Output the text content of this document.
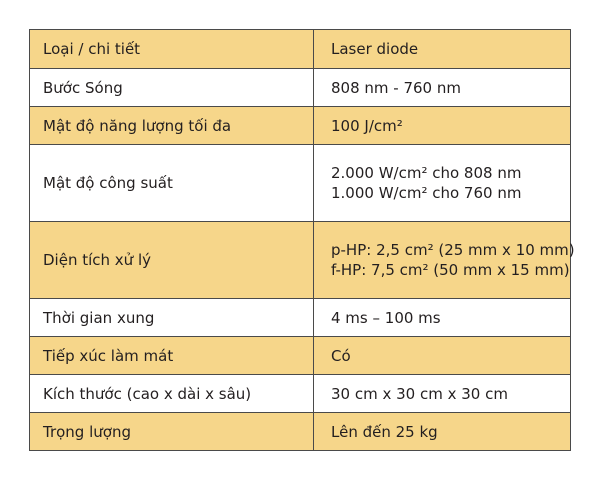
Loại / chi tiết	Laser diode

Bước Sóng	808 nm - 760 nm

Mật độ năng lượng tối đa	100 J/cm²

Mật độ công suất	2.000 W/cm² cho 808 nm
1.000 W/cm² cho 760 nm

Diện tích xử lý	p-HP: 2,5 cm² (25 mm x 10 mm)
f-HP: 7,5 cm² (50 mm x 15 mm)

Thời gian xung	4 ms – 100 ms

Tiếp xúc làm mát	Có

Kích thước (cao x dài x sâu)	30 cm x 30 cm x 30 cm

Trọng lượng	Lên đến 25 kg
